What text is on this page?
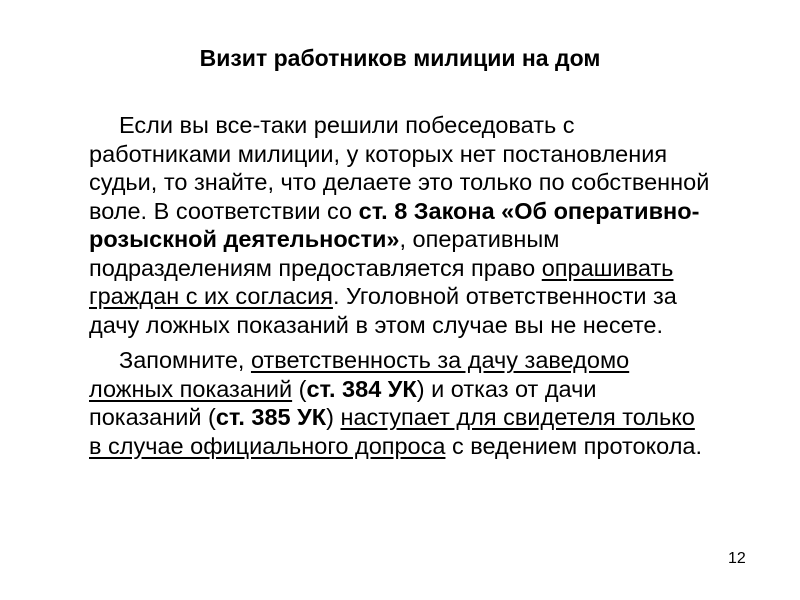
Визит работников милиции на дом

Если вы все-таки решили побеседовать с работниками милиции, у которых нет постановления судьи, то знайте, что делаете это только по собственной воле. В соответствии со ст. 8 Закона «Об оперативно-розыскной деятельности», оперативным подразделениям предоставляется право опрашивать граждан с их согласия. Уголовной ответственности за дачу ложных показаний в этом случае вы не несете.

Запомните, ответственность за дачу заведомо ложных показаний (ст. 384 УК) и отказ от дачи показаний (ст. 385 УК) наступает для свидетеля только в случае официального допроса с ведением протокола.

12
